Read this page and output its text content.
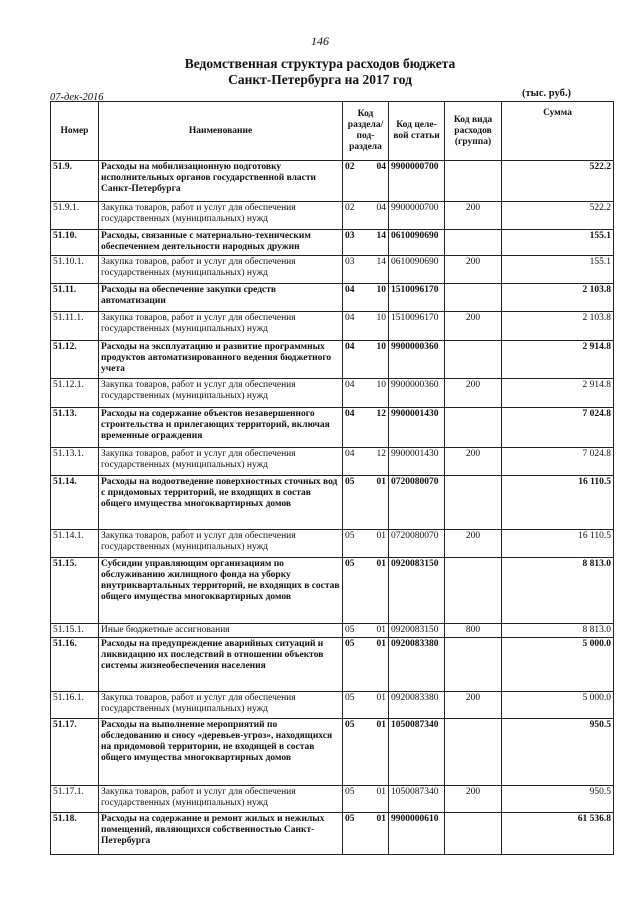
146
Ведомственная структура расходов бюджета
Санкт-Петербурга на 2017 год
07-дек-2016	(тыс. руб.)
Номер	Наименование	Код раздела/ под- раздела		Код целе- вой статьи	Код вида расходов (группа)	Сумма
51.9.	Расходы на мобилизационную подготовку исполнительных органов государственной власти Санкт-Петербурга	02	04	9900000700		522.2
51.9.1.	Закупка товаров, работ и услуг для обеспечения государственных (муниципальных) нужд	02	04	9900000700	200	522.2
51.10.	Расходы, связанные с материально-техническим обеспечением деятельности народных дружин	03	14	0610090690		155.1
51.10.1.	Закупка товаров, работ и услуг для обеспечения государственных (муниципальных) нужд	03	14	0610090690	200	155.1
51.11.	Расходы на обеспечение закупки средств автоматизации	04	10	1510096170		2 103.8
51.11.1.	Закупка товаров, работ и услуг для обеспечения государственных (муниципальных) нужд	04	10	1510096170	200	2 103.8
51.12.	Расходы на эксплуатацию и развитие программных продуктов автоматизированного ведения бюджетного учета	04	10	9900000360		2 914.8
51.12.1.	Закупка товаров, работ и услуг для обеспечения государственных (муниципальных) нужд	04	10	9900000360	200	2 914.8
51.13.	Расходы на содержание объектов незавершенного строительства и прилегающих территорий, включая временные ограждения	04	12	9900001430		7 024.8
51.13.1.	Закупка товаров, работ и услуг для обеспечения государственных (муниципальных) нужд	04	12	9900001430	200	7 024.8
51.14.	Расходы на водоотведение поверхностных сточных вод с придомовых территорий, не входящих в состав общего имущества многоквартирных домов	05	01	0720080070		16 110.5
51.14.1.	Закупка товаров, работ и услуг для обеспечения государственных (муниципальных) нужд	05	01	0720080070	200	16 110.5
51.15.	Субсидии управляющим организациям по обслуживанию жилищного фонда на уборку внутриквартальных территорий, не входящих в состав общего имущества многоквартирных домов	05	01	0920083150		8 813.0
51.15.1.	Иные бюджетные ассигнования	05	01	0920083150	800	8 813.0
51.16.	Расходы на предупреждение аварийных ситуаций и ликвидацию их последствий в отношении объектов системы жизнеобеспечения населения	05	01	0920083380		5 000.0
51.16.1.	Закупка товаров, работ и услуг для обеспечения государственных (муниципальных) нужд	05	01	0920083380	200	5 000.0
51.17.	Расходы на выполнение мероприятий по обследованию и сносу «деревьев-угроз», находящихся на придомовой территории, не входящей в состав общего имущества многоквартирных домов	05	01	1050087340		950.5
51.17.1.	Закупка товаров, работ и услуг для обеспечения государственных (муниципальных) нужд	05	01	1050087340	200	950.5
51.18.	Расходы на содержание и ремонт жилых и нежилых помещений, являющихся собственностью Санкт-Петербурга	05	01	9900000610		61 536.8
